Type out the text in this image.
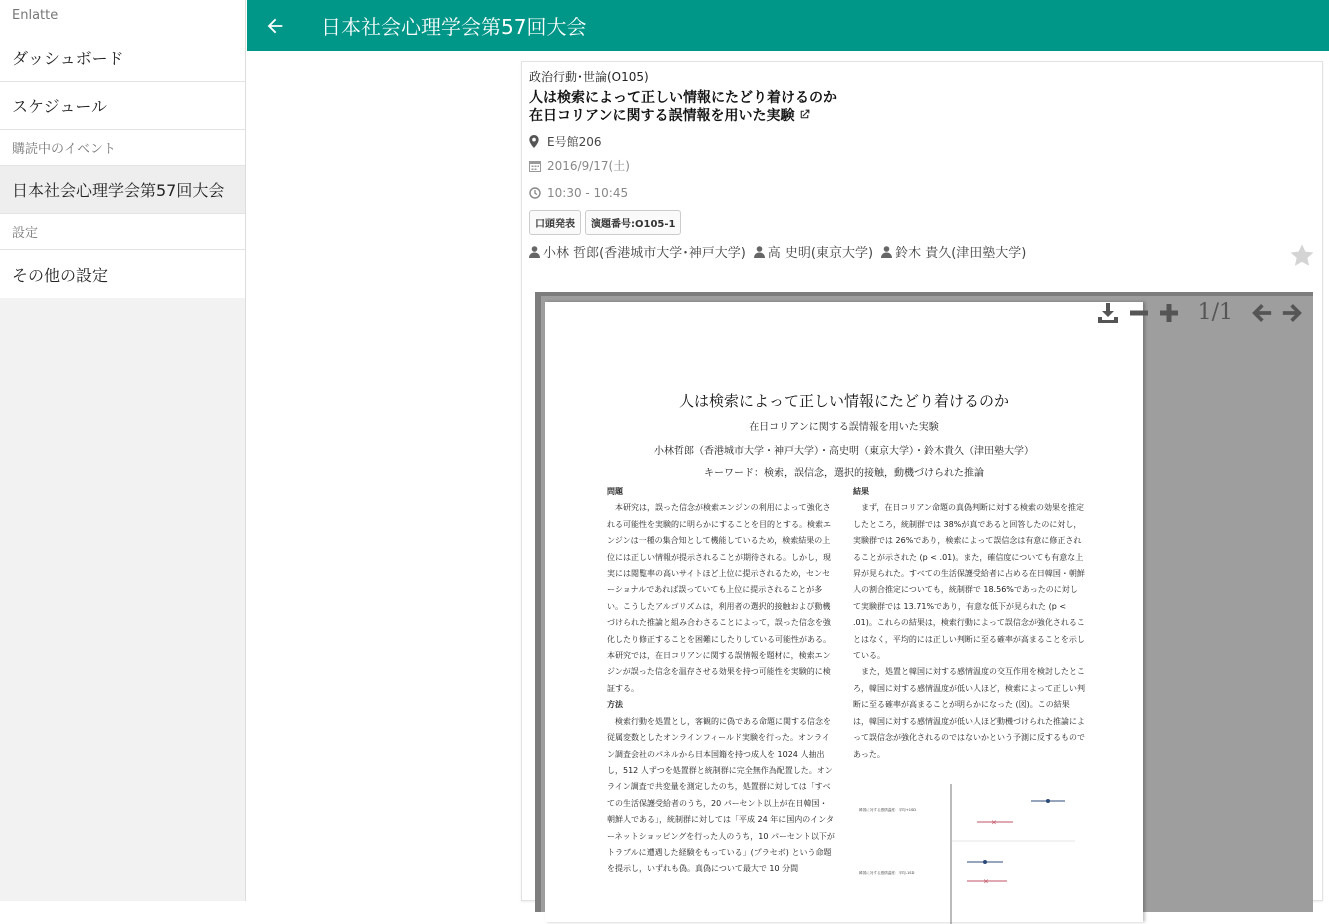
Enlatte
ダッシュボード
スケジュール
購読中のイベント
日本社会心理学会第57回大会
設定
その他の設定
日本社会心理学会第57回大会
政治行動･世論(O105)
人は検索によって正しい情報にたどり着けるのか
在日コリアンに関する誤情報を用いた実験
E号館206
2016/9/17(土)
10:30 - 10:45
口頭発表	演題番号:O105-1
小林 哲郎(香港城市大学･神戸大学) 高 史明(東京大学) 鈴木 貴久(津田塾大学)
人は検索によって正しい情報にたどり着けるのか
在日コリアンに関する誤情報を用いた実験
小林哲郎（香港城市大学・神戸大学）・高史明（東京大学）・鈴木貴久（津田塾大学）
キーワード：検索，誤信念，選択的接触，動機づけられた推論
問題

本研究は，誤った信念が検索エンジンの利用によって強化される可能性を実験的に明らかにすることを目的とする。検索エンジンは一種の集合知として機能しているため，検索結果の上位には正しい情報が提示されることが期待される。しかし，現実には閲覧率の高いサイトほど上位に提示されるため，センセーショナルであれば誤っていても上位に提示されることが多い。こうしたアルゴリズムは，利用者の選択的接触および動機づけられた推論と組み合わさることによって，誤った信念を強化したり修正することを困難にしたりしている可能性がある。本研究では，在日コリアンに関する誤情報を題材に，検索エンジンが誤った信念を温存させる効果を持つ可能性を実験的に検証する。

方法

検索行動を処置とし，客観的に偽である命題に関する信念を従属変数としたオンラインフィールド実験を行った。オンライン調査会社のパネルから日本国籍を持つ成人を 1024 人抽出し，512 人ずつを処置群と統制群に完全無作為配置した。オンライン調査で共変量を測定したのち，処置群に対しては「すべての生活保護受給者のうち，20 パーセント以上が在日韓国・朝鮮人である」，統制群に対しては「平成 24 年に国内のインターネットショッピングを行った人のうち，10 パーセント以下がトラブルに遭遇した経験をもっている」(プラセボ) という命題を提示し，いずれも偽。真偽について最大で 10 分間

結果

まず，在日コリアン命題の真偽判断に対する検索の効果を推定したところ，統制群では 38%が真であると回答したのに対し，実験群では 26%であり，検索によって誤信念は有意に修正されることが示された (p < .01)。また，確信度についても有意な上昇が見られた。すべての生活保護受給者に占める在日韓国・朝鮮人の割合推定についても，統制群で 18.56%であったのに対して実験群では 13.71%であり，有意な低下が見られた (p < .01)。これらの結果は，検索行動によって誤信念が強化されることはなく，平均的には正しい判断に至る確率が高まることを示している。

また，処置と韓国に対する感情温度の交互作用を検討したところ，韓国に対する感情温度が低い人ほど，検索によって正しい判断に至る確率が高まることが明らかになった (図)。この結果は，韓国に対する感情温度が低い人ほど動機づけられた推論によって誤信念が強化されるのではないかという予測に反するものであった。

韓国に対する感情温度：平均+1SD
韓国に対する感情温度：平均-1SD
×
×
1/1
